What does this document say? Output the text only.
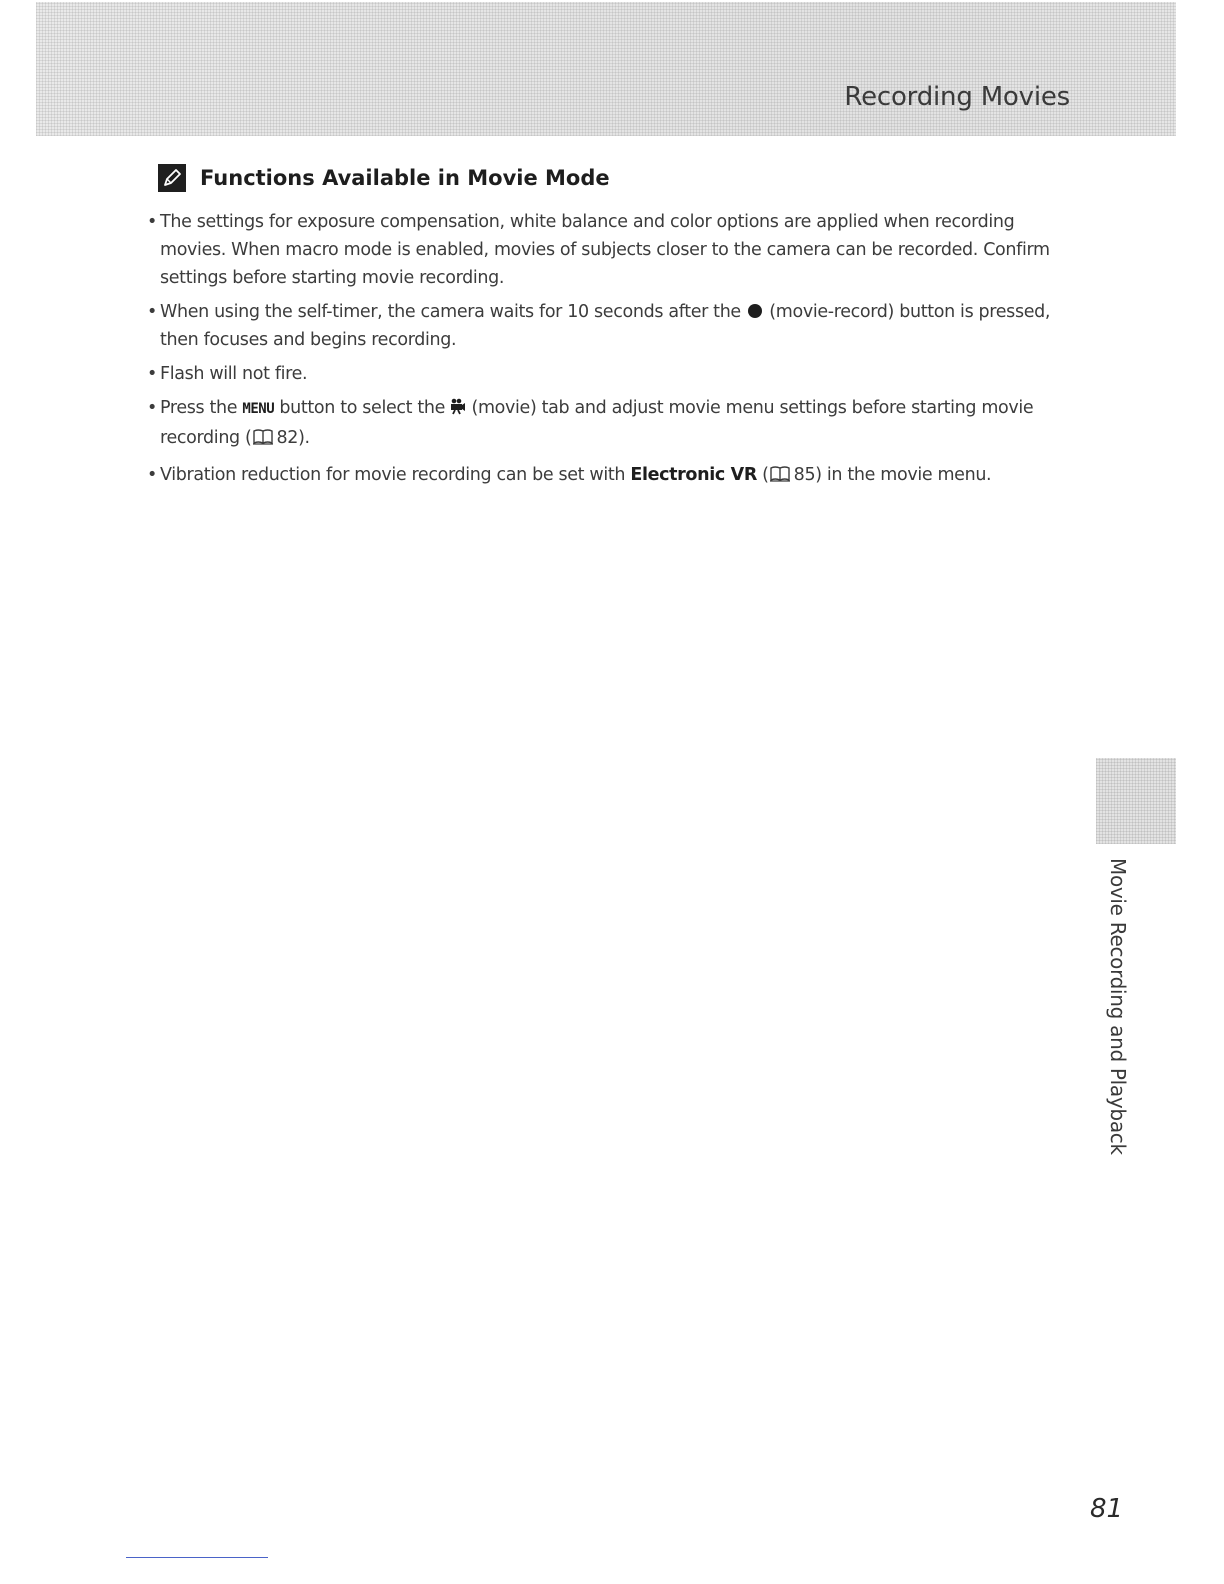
Recording Movies
Functions Available in Movie Mode
• The settings for exposure compensation, white balance and color options are applied when recording movies. When macro mode is enabled, movies of subjects closer to the camera can be recorded. Confirm settings before starting movie recording.
• When using the self-timer, the camera waits for 10 seconds after the (movie-record) button is pressed, then focuses and begins recording.
• Flash will not fire.
• Press the MENU button to select the (movie) tab and adjust movie menu settings before starting movie recording ( 82).
• Vibration reduction for movie recording can be set with Electronic VR ( 85) in the movie menu.
Movie Recording and Playback
81
